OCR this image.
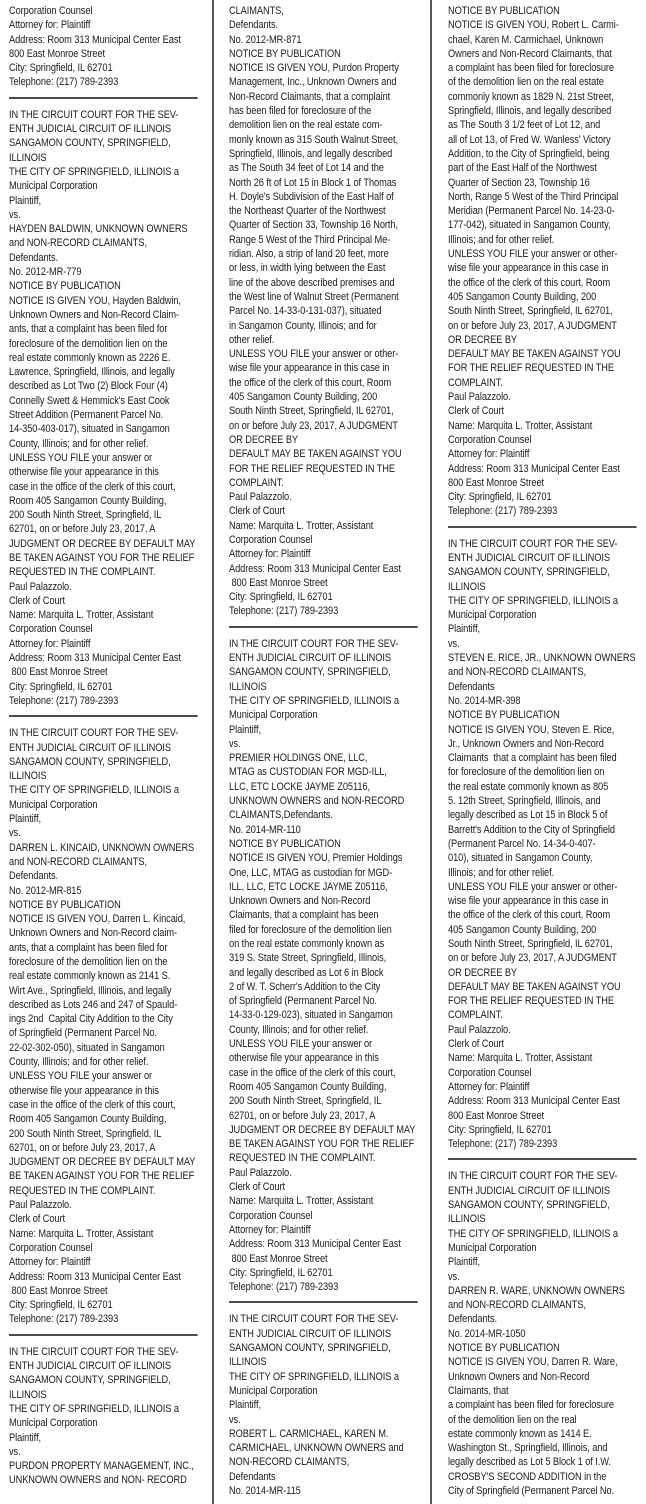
Corporation Counsel
Attorney for: Plaintiff
Address: Room 313 Municipal Center East
800 East Monroe Street
City: Springfield, IL 62701
Telephone: (217) 789-2393
IN THE CIRCUIT COURT FOR THE SEV-
ENTH JUDICIAL CIRCUIT OF ILLINOIS
SANGAMON COUNTY, SPRINGFIELD,
ILLINOIS
THE CITY OF SPRINGFIELD, ILLINOIS a
Municipal Corporation
Plaintiff,
vs.
HAYDEN BALDWIN, UNKNOWN OWNERS
and NON-RECORD CLAIMANTS,
Defendants.
No. 2012-MR-779
NOTICE BY PUBLICATION
NOTICE IS GIVEN YOU, Hayden Baldwin,
Unknown Owners and Non-Record Claim-
ants, that a complaint has been filed for
foreclosure of the demolition lien on the
real estate commonly known as 2226 E.
Lawrence, Springfield, Illinois, and legally
described as Lot Two (2) Block Four (4)
Connelly Swett & Hemmick's East Cook
Street Addition (Permanent Parcel No.
14-350-403-017), situated in Sangamon
County, Illinois; and for other relief.
UNLESS YOU FILE your answer or
otherwise file your appearance in this
case in the office of the clerk of this court,
Room 405 Sangamon County Building,
200 South Ninth Street, Springfield, IL
62701, on or before July 23, 2017, A
JUDGMENT OR DECREE BY DEFAULT MAY
BE TAKEN AGAINST YOU FOR THE RELIEF
REQUESTED IN THE COMPLAINT.
Paul Palazzolo.
Clerk of Court
Name: Marquita L. Trotter, Assistant
Corporation Counsel
Attorney for: Plaintiff
Address: Room 313 Municipal Center East
800 East Monroe Street
City: Springfield, IL 62701
Telephone: (217) 789-2393
IN THE CIRCUIT COURT FOR THE SEV-
ENTH JUDICIAL CIRCUIT OF ILLINOIS
SANGAMON COUNTY, SPRINGFIELD,
ILLINOIS
THE CITY OF SPRINGFIELD, ILLINOIS a
Municipal Corporation
Plaintiff,
vs.
DARREN L. KINCAID, UNKNOWN OWNERS
and NON-RECORD CLAIMANTS,
Defendants.
No. 2012-MR-815
NOTICE BY PUBLICATION
NOTICE IS GIVEN YOU, Darren L. Kincaid,
Unknown Owners and Non-Record claim-
ants, that a complaint has been filed for
foreclosure of the demolition lien on the
real estate commonly known as 2141 S.
Wirt Ave., Springfield, Illinois, and legally
described as Lots 246 and 247 of Spauld-
ings 2nd  Capital City Addition to the City
of Springfield (Permanent Parcel No.
22-02-302-050), situated in Sangamon
County, Illinois; and for other relief.
UNLESS YOU FILE your answer or
otherwise file your appearance in this
case in the office of the clerk of this court,
Room 405 Sangamon County Building,
200 South Ninth Street, Springfield, IL
62701, on or before July 23, 2017, A
JUDGMENT OR DECREE BY DEFAULT MAY
BE TAKEN AGAINST YOU FOR THE RELIEF
REQUESTED IN THE COMPLAINT.
Paul Palazzolo.
Clerk of Court
Name: Marquita L. Trotter, Assistant
Corporation Counsel
Attorney for: Plaintiff
Address: Room 313 Municipal Center East
800 East Monroe Street
City: Springfield, IL 62701
Telephone: (217) 789-2393
IN THE CIRCUIT COURT FOR THE SEV-
ENTH JUDICIAL CIRCUIT OF ILLINOIS
SANGAMON COUNTY, SPRINGFIELD,
ILLINOIS
THE CITY OF SPRINGFIELD, ILLINOIS a
Municipal Corporation
Plaintiff,
vs.
PURDON PROPERTY MANAGEMENT, INC.,
UNKNOWN OWNERS and NON- RECORD
CLAIMANTS,
Defendants.
No. 2012-MR-871
NOTICE BY PUBLICATION
NOTICE IS GIVEN YOU, Purdon Property
Management, Inc., Unknown Owners and
Non-Record Claimants, that a complaint
has been filed for foreclosure of the
demolition lien on the real estate com-
monly known as 315 South Walnut Street,
Springfield, Illinois, and legally described
as The South 34 feet of Lot 14 and the
North 26 ft of Lot 15 in Block 1 of Thomas
H. Doyle's Subdivision of the East Half of
the Northeast Quarter of the Northwest
Quarter of Section 33, Township 16 North,
Range 5 West of the Third Principal Me-
ridian. Also, a strip of land 20 feet, more
or less, in width lying between the East
line of the above described premises and
the West line of Walnut Street (Permanent
Parcel No. 14-33-0-131-037), situated
in Sangamon County, Illinois; and for
other relief.
UNLESS YOU FILE your answer or other-
wise file your appearance in this case in
the office of the clerk of this court, Room
405 Sangamon County Building, 200
South Ninth Street, Springfield, IL 62701,
on or before July 23, 2017, A JUDGMENT
OR DECREE BY
DEFAULT MAY BE TAKEN AGAINST YOU
FOR THE RELIEF REQUESTED IN THE
COMPLAINT.
Paul Palazzolo.
Clerk of Court
Name: Marquita L. Trotter, Assistant
Corporation Counsel
Attorney for: Plaintiff
Address: Room 313 Municipal Center East
800 East Monroe Street
City: Springfield, IL 62701
Telephone: (217) 789-2393
IN THE CIRCUIT COURT FOR THE SEV-
ENTH JUDICIAL CIRCUIT OF ILLINOIS
SANGAMON COUNTY, SPRINGFIELD,
ILLINOIS
THE CITY OF SPRINGFIELD, ILLINOIS a
Municipal Corporation
Plaintiff,
vs.
PREMIER HOLDINGS ONE, LLC,
MTAG as CUSTODIAN FOR MGD-ILL,
LLC, ETC LOCKE JAYME Z05116,
UNKNOWN OWNERS and NON-RECORD
CLAIMANTS,Defendants.
No. 2014-MR-110
NOTICE BY PUBLICATION
NOTICE IS GIVEN YOU, Premier Holdings
One, LLC, MTAG as custodian for MGD-
ILL, LLC, ETC LOCKE JAYME Z05116,
Unknown Owners and Non-Record
Claimants, that a complaint has been
filed for foreclosure of the demolition lien
on the real estate commonly known as
319 S. State Street, Springfield, Illinois,
and legally described as Lot 6 in Block
2 of W. T. Scherr's Addition to the City
of Springfield (Permanent Parcel No.
14-33-0-129-023), situated in Sangamon
County, Illinois; and for other relief.
UNLESS YOU FILE your answer or
otherwise file your appearance in this
case in the office of the clerk of this court,
Room 405 Sangamon County Building,
200 South Ninth Street, Springfield, IL
62701, on or before July 23, 2017, A
JUDGMENT OR DECREE BY DEFAULT MAY
BE TAKEN AGAINST YOU FOR THE RELIEF
REQUESTED IN THE COMPLAINT.
Paul Palazzolo.
Clerk of Court
Name: Marquita L. Trotter, Assistant
Corporation Counsel
Attorney for: Plaintiff
Address: Room 313 Municipal Center East
800 East Monroe Street
City: Springfield, IL 62701
Telephone: (217) 789-2393
IN THE CIRCUIT COURT FOR THE SEV-
ENTH JUDICIAL CIRCUIT OF ILLINOIS
SANGAMON COUNTY, SPRINGFIELD,
ILLINOIS
THE CITY OF SPRINGFIELD, ILLINOIS a
Municipal Corporation
Plaintiff,
vs.
ROBERT L. CARMICHAEL, KAREN M.
CARMICHAEL, UNKNOWN OWNERS and
NON-RECORD CLAIMANTS,
Defendants
No. 2014-MR-115
NOTICE BY PUBLICATION
NOTICE IS GIVEN YOU, Robert L. Carmi-
chael, Karen M. Carmichael, Unknown
Owners and Non-Record Claimants, that
a complaint has been filed for foreclosure
of the demolition lien on the real estate
commonly known as 1829 N. 21st Street,
Springfield, Illinois, and legally described
as The South 3 1/2 feet of Lot 12, and
all of Lot 13, of Fred W. Wanless' Victory
Addition, to the City of Springfield, being
part of the East Half of the Northwest
Quarter of Section 23, Township 16
North, Range 5 West of the Third Principal
Meridian (Permanent Parcel No. 14-23-0-
177-042), situated in Sangamon County,
Illinois; and for other relief.
UNLESS YOU FILE your answer or other-
wise file your appearance in this case in
the office of the clerk of this court, Room
405 Sangamon County Building, 200
South Ninth Street, Springfield, IL 62701,
on or before July 23, 2017, A JUDGMENT
OR DECREE BY
DEFAULT MAY BE TAKEN AGAINST YOU
FOR THE RELIEF REQUESTED IN THE
COMPLAINT.
Paul Palazzolo.
Clerk of Court
Name: Marquita L. Trotter, Assistant
Corporation Counsel
Attorney for: Plaintiff
Address: Room 313 Municipal Center East
800 East Monroe Street
City: Springfield, IL 62701
Telephone: (217) 789-2393
IN THE CIRCUIT COURT FOR THE SEV-
ENTH JUDICIAL CIRCUIT OF ILLINOIS
SANGAMON COUNTY, SPRINGFIELD,
ILLINOIS
THE CITY OF SPRINGFIELD, ILLINOIS a
Municipal Corporation
Plaintiff,
vs.
STEVEN E. RICE, JR., UNKNOWN OWNERS
and NON-RECORD CLAIMANTS,
Defendants
No. 2014-MR-398
NOTICE BY PUBLICATION
NOTICE IS GIVEN YOU, Steven E. Rice,
Jr., Unknown Owners and Non-Record
Claimants  that a complaint has been filed
for foreclosure of the demolition lien on
the real estate commonly known as 805
5. 12th Street, Springfield, Illinois, and
legally described as Lot 15 in Block 5 of
Barrett's Addition to the City of Springfield
(Permanent Parcel No. 14-34-0-407-
010), situated in Sangamon County,
Illinois; and for other relief.
UNLESS YOU FILE your answer or other-
wise file your appearance in this case in
the office of the clerk of this court, Room
405 Sangamon County Building, 200
South Ninth Street, Springfield, IL 62701,
on or before July 23, 2017, A JUDGMENT
OR DECREE BY
DEFAULT MAY BE TAKEN AGAINST YOU
FOR THE RELIEF REQUESTED IN THE
COMPLAINT.
Paul Palazzolo.
Clerk of Court
Name: Marquita L. Trotter, Assistant
Corporation Counsel
Attorney for: Plaintiff
Address: Room 313 Municipal Center East
800 East Monroe Street
City: Springfield, IL 62701
Telephone: (217) 789-2393
IN THE CIRCUIT COURT FOR THE SEV-
ENTH JUDICIAL CIRCUIT OF ILLINOIS
SANGAMON COUNTY, SPRINGFIELD,
ILLINOIS
THE CITY OF SPRINGFIELD, ILLINOIS a
Municipal Corporation
Plaintiff,
vs.
DARREN R. WARE, UNKNOWN OWNERS
and NON-RECORD CLAIMANTS,
Defendants.
No. 2014-MR-1050
NOTICE BY PUBLICATION
NOTICE IS GIVEN YOU, Darren R. Ware,
Unknown Owners and Non-Record
Claimants, that
a complaint has been filed for foreclosure
of the demolition lien on the real
estate commonly known as 1414 E.
Washington St., Springfield, Illinois, and
legally described as Lot 5 Block 1 of I.W.
CROSBY'S SECOND ADDITION in the
City of Springfield (Permanent Parcel No.
